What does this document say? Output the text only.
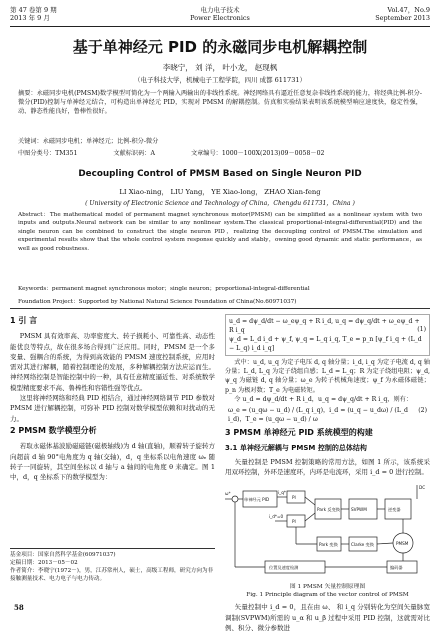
第 47 卷第 9 期
2013 年 9 月
电力电子技术
Power Electronics
Vol.47，No.9
September 2013
基于单神经元 PID 的永磁同步电机解耦控制
李晓宁， 刘 洋， 叶小龙， 赵现枫
（电子科技大学，机械电子工程学院，四川 成都 611731）
摘要：永磁同步电机(PMSM)数学模型可简化为一个两输入两输出的非线性系统。神经网络具有逼近任意复杂非线性系统的能力，将经典比例-积分-微分(PID)控制与单神经元结合，可构造出单神经元 PID，实现对 PMSM 的解耦控制。仿真和实验结果表明该系统模型响应速度快，稳定性强，动、静态性能良好，鲁棒性很好。
关键词：永磁同步电机；单神经元；比例-积分-微分
中图分类号：TM351	文献标识码：A	文章编号：1000－100X(2013)09－0058－02
Decoupling Control of PMSM Based on Single Neuron PID
LI Xiao-ning， LIU Yang， YE Xiao-long， ZHAO Xian-feng
( University of Electronic Science and Technology of China，Chengdu 611731，China )
Abstract：The mathematical model of permanent magnet synchronous motor(PMSM) can be simplified as a nonlinear system with two inputs and outputs.Neural network can be similar to any nonlinear system.The classical proportional-integral-differential(PID) and the single neuron can be combined to construct the single neuron PID，realizing the decoupling control of PMSM.The simulation and experimental results show that the whole control system response quickly and stably，owning good dynamic and static performance，as well as good robustness.
Keywords：permanent magnet synchronous motor；single neuron；proportional-integral-differential
Foundation Project：Supported by National Natural Science Foundation of China(No.60971037)
1 引 言

PMSM 具有效率高、功率密度大、转子损耗小、可靠性高、动态性能优良等特点，故在很多场合得到广泛应用。同时，PMSM 是一个多变量、强耦合的系统，为得到高效能的 PMSM 速度控制系统，应用时需对其进行解耦，随着控制理论的发展，多种解耦控制方法应运而生。神经网络控制是智能控制中的一种，具有任意精度逼近性、对系统数学模型精度要求不高、鲁棒性和容错性强等优点。

这里将神经网络和经典 PID 相结合，通过神经网络调节 PID 参数对 PMSM 进行解耦控制，可弥补 PID 控制对数学模型依赖和对扰动的无力。

2 PMSM 数学模型分析

若取永磁体基波励磁磁链(磁极轴线)为 d 轴(直轴)，顺着转子旋转方向超前 d 轴 90°电角度为 q 轴(交轴)，d，q 坐标系以电角速度 ωₑ 随转子一同旋转，其空间坐标以 d 轴与 a 轴间的电角度 θ 来确定。图 1 中，d，q 坐标系下的数学模型为：

u_d = dψ_d/dt − ω_eψ_q + R i_d, u_q = dψ_q/dt + ω_eψ_d + R i_q
ψ_d = L_d i_d + ψ_f, ψ_q = L_q i_q, T_e = p_n [ψ_f i_q + (L_d − L_q) i_d i_q]
(1)

式中：u_d, u_q 为定子电压 d, q 轴分量；i_d, i_q 为定子电流 d, q 轴分量；L_d, L_q 为定子绕组自感；L_d = L_q；R 为定子绕组电阻；ψ_d, ψ_q 为磁链 d, q 轴分量；ω_e 为转子机械角速度；ψ_f 为永磁体磁链；p_n 为极对数；T_e 为电磁转矩。

令 u_d = dψ_d/dt + R i_d，u_q = dψ_q/dt + R i_q，则有：

ω_e = (u_qω − u_d) / (L_q i_q)，i_d = (u_q − u_dω) / (L_d i_d)，T_e = (u_qω − u_d) / ω
(2)
3 PMSM 单神经元 PID 系统模型的构建
3.1 单神经元解耦与 PMSM 控制的总体结构

矢量控制是 PMSM 控制策略的常用方法，如图 1 所示，该系统采用双环控制，外环是速度环，内环是电流环，采用 i_d = 0 进行控制。

ω*
单神经元 PID
i_q*
i_d*=0
PI
PI
SVPWM	逆变器
Park 反变换
Park 变换	Clarke 变换	PMSM
编码器
位置及速度检测
DC
图 1 PMSM 矢量控制原理图
Fig. 1 Principle diagram of the vector control of PMSM

矢量控制中 i_d = 0，且在由 ω、 和 i_q 分别转化为空间矢量脉宽调制(SVPWM)所需的 u_α 和 u_β 过程中采用 PID 控制，这就需对比例、积分、微分参数进

基金项目：国家自然科学基金(60971037)
定稿日期：2013－05－02
作者简介：李晓宁(1972－)，男，江苏常州人，硕士，高级工程师，研究方向为非接触测量技术、电力电子与电力传动。
58
